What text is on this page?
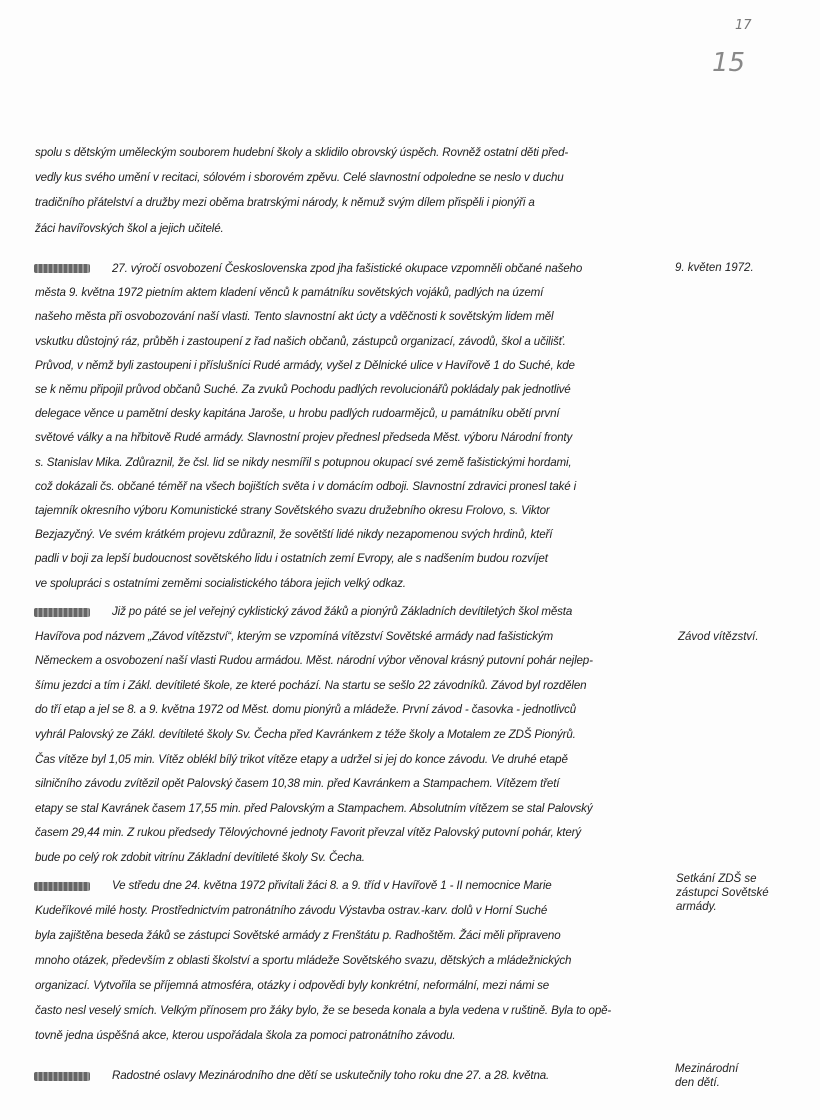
17
15
spolu s dětským uměleckým souborem hudební školy a sklidilo obrovský úspěch. Rovněž ostatní děti před-
vedly kus svého umění v recitaci, sólovém i sborovém zpěvu. Celé slavnostní odpoledne se neslo v duchu
tradičního přátelství a družby mezi oběma bratrskými národy, k němuž svým dílem přispěli i pionýři a
žáci havířovských škol a jejich učitelé.
27. výročí osvobození Československa zpod jha fašistické okupace vzpomněli občané našeho
města 9. května 1972 pietním aktem kladení věnců k památníku sovětských vojáků, padlých na území
našeho města při osvobozování naší vlasti. Tento slavnostní akt úcty a vděčnosti k sovětským lidem měl
vskutku důstojný ráz, průběh i zastoupení z řad našich občanů, zástupců organizací, závodů, škol a učilišť.
Průvod, v němž byli zastoupeni i příslušníci Rudé armády, vyšel z Dělnické ulice v Havířově 1 do Suché, kde
se k němu připojil průvod občanů Suché. Za zvuků Pochodu padlých revolucionářů pokládaly pak jednotlivé
delegace věnce u pamětní desky kapitána Jaroše, u hrobu padlých rudoarmějců, u památníku obětí první
světové války a na hřbitově Rudé armády. Slavnostní projev přednesl předseda Měst. výboru Národní fronty
s. Stanislav Mika. Zdůraznil, že čsl. lid se nikdy nesmířil s potupnou okupací své země fašistickými hordami,
což dokázali čs. občané téměř na všech bojištích světa i v domácím odboji. Slavnostní zdravici pronesl také i
tajemník okresního výboru Komunistické strany Sovětského svazu družebního okresu Frolovo, s. Viktor
Bezjazyčný. Ve svém krátkém projevu zdůraznil, že sovětští lidé nikdy nezapomenou svých hrdinů, kteří
padli v boji za lepší budoucnost sovětského lidu i ostatních zemí Evropy, ale s nadšením budou rozvíjet
ve spolupráci s ostatními zeměmi socialistického tábora jejich velký odkaz.
9. květen 1972.
Již po páté se jel veřejný cyklistický závod žáků a pionýrů Základních devítiletých škol města
Havířova pod názvem „Závod vítězství“, kterým se vzpomíná vítězství Sovětské armády nad fašistickým
Německem a osvobození naší vlasti Rudou armádou. Měst. národní výbor věnoval krásný putovní pohár nejlep-
šímu jezdci a tím i Zákl. devítileté škole, ze které pochází. Na startu se sešlo 22 závodníků. Závod byl rozdělen
do tří etap a jel se 8. a 9. května 1972 od Měst. domu pionýrů a mládeže. První závod - časovka - jednotlivců
vyhrál Palovský ze Zákl. devítileté školy Sv. Čecha před Kavránkem z téže školy a Motalem ze ZDŠ Pionýrů.
Čas vítěze byl 1,05 min. Vítěz oblékl bílý trikot vítěze etapy a udržel si jej do konce závodu. Ve druhé etapě
silničního závodu zvítězil opět Palovský časem 10,38 min. před Kavránkem a Stampachem. Vítězem třetí
etapy se stal Kavránek časem 17,55 min. před Palovským a Stampachem. Absolutním vítězem se stal Palovský
časem 29,44 min. Z rukou předsedy Tělovýchovné jednoty Favorit převzal vítěz Palovský putovní pohár, který
bude po celý rok zdobit vitrínu Základní devítileté školy Sv. Čecha.
Závod vítězství.
Ve středu dne 24. května 1972 přivítali žáci 8. a 9. tříd v Havířově 1 - II nemocnice Marie
Kudeříkové milé hosty. Prostřednictvím patronátního závodu Výstavba ostrav.-karv. dolů v Horní Suché
byla zajištěna beseda žáků se zástupci Sovětské armády z Frenštátu p. Radhoštěm. Žáci měli připraveno
mnoho otázek, především z oblasti školství a sportu mládeže Sovětského svazu, dětských a mládežnických
organizací. Vytvořila se příjemná atmosféra, otázky i odpovědi byly konkrétní, neformální, mezi námi se
často nesl veselý smích. Velkým přínosem pro žáky bylo, že se beseda konala a byla vedena v ruštině. Byla to opě-
tovně jedna úspěšná akce, kterou uspořádala škola za pomoci patronátního závodu.
Setkání ZDŠ se
zástupci Sovětské
armády.
Radostné oslavy Mezinárodního dne dětí se uskutečnily toho roku dne 27. a 28. května.	Mezinárodní
den dětí.
